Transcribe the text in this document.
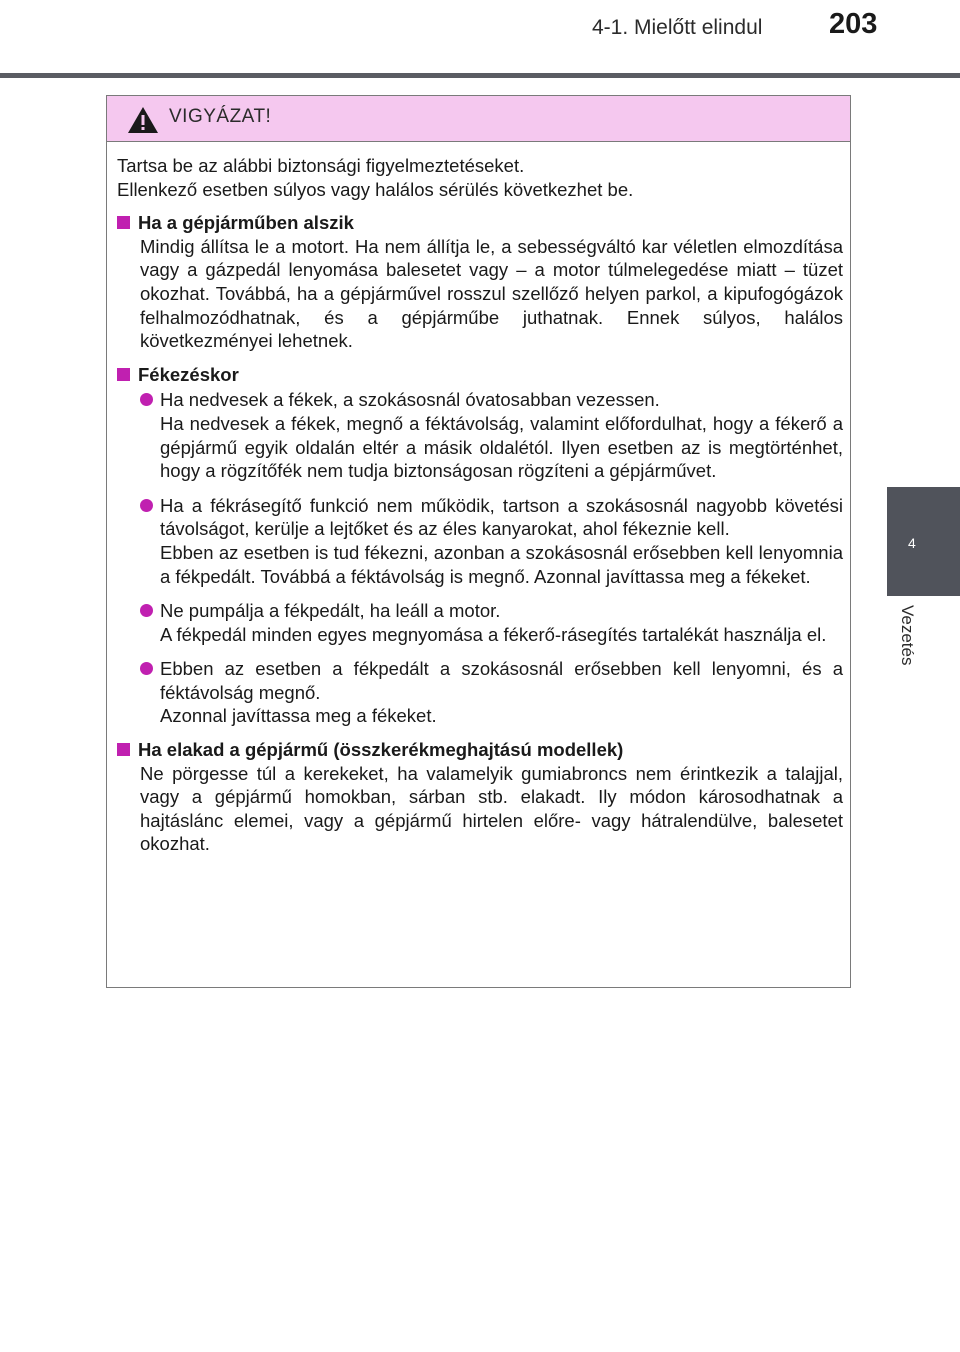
4-1. Mielőtt elindul 203
4
Vezetés
VIGYÁZAT!

Tartsa be az alábbi biztonsági figyelmeztetéseket.

Ellenkező esetben súlyos vagy halálos sérülés következhet be.

Ha a gépjárműben alszik

Mindig állítsa le a motort. Ha nem állítja le, a sebességváltó kar véletlen elmozdítása vagy a gázpedál lenyomása balesetet vagy – a motor túlmelegedése miatt – tüzet okozhat. Továbbá, ha a gépjárművel rosszul szellőző helyen parkol, a kipufogógázok felhalmozódhatnak, és a gépjárműbe juthatnak. Ennek súlyos, halálos következményei lehetnek.

Fékezéskor

Ha nedvesek a fékek, a szokásosnál óvatosabban vezessen.

Ha nedvesek a fékek, megnő a féktávolság, valamint előfordulhat, hogy a fékerő a gépjármű egyik oldalán eltér a másik oldalétól. Ilyen esetben az is megtörténhet, hogy a rögzítőfék nem tudja biztonságosan rögzíteni a gépjárművet.

Ha a fékrásegítő funkció nem működik, tartson a szokásosnál nagyobb követési távolságot, kerülje a lejtőket és az éles kanyarokat, ahol fékeznie kell.

Ebben az esetben is tud fékezni, azonban a szokásosnál erősebben kell lenyomnia a fékpedált. Továbbá a féktávolság is megnő. Azonnal javíttassa meg a fékeket.

Ne pumpálja a fékpedált, ha leáll a motor.

A fékpedál minden egyes megnyomása a fékerő-rásegítés tartalékát használja el.

Ebben az esetben a fékpedált a szokásosnál erősebben kell lenyomni, és a féktávolság megnő.

Azonnal javíttassa meg a fékeket.

Ha elakad a gépjármű (összkerékmeghajtású modellek)

Ne pörgesse túl a kerekeket, ha valamelyik gumiabroncs nem érintkezik a talajjal, vagy a gépjármű homokban, sárban stb. elakadt. Ily módon károsodhatnak a hajtáslánc elemei, vagy a gépjármű hirtelen előre- vagy hátralendülve, balesetet okozhat.
